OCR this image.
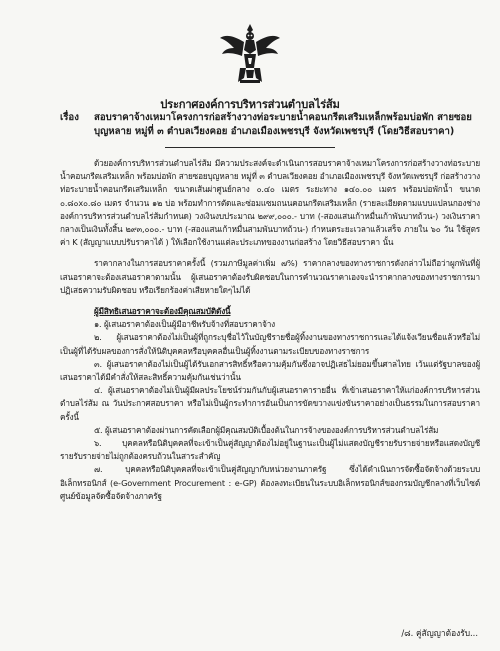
ประกาศองค์การบริหารส่วนตำบลไร่ส้ม
เรื่อง	สอบราคาจ้างเหมาโครงการก่อสร้างวางท่อระบายน้ำคอนกรีตเสริมเหล็กพร้อมบ่อพัก สายซอยบุญหลาย หมู่ที่ ๓ ตำบลเวียงคอย อำเภอเมืองเพชรบุรี จังหวัดเพชรบุรี (โดยวิธีสอบราคา)

ด้วยองค์การบริหารส่วนตำบลไร่ส้ม มีความประสงค์จะดำเนินการสอบราคาจ้างเหมาโครงการก่อสร้างวางท่อระบายน้ำคอนกรีตเสริมเหล็ก พร้อมบ่อพัก สายซอยบุญหลาย หมู่ที่ ๓ ตำบลเวียงคอย อำเภอเมืองเพชรบุรี จังหวัดเพชรบุรี ก่อสร้างวางท่อระบายน้ำคอนกรีตเสริมเหล็ก ขนาดเส้นผ่าศูนย์กลาง ๐.๔๐ เมตร ระยะทาง ๑๔๐.๐๐ เมตร พร้อมบ่อพักน้ำ ขนาด ๐.๘๐x๐.๘๐ เมตร จำนวน ๑๒ บ่อ พร้อมทำการตัดและซ่อมแซมถนนคอนกรีตเสริมเหล็ก (รายละเอียดตามแบบแปลนกองช่าง องค์การบริหารส่วนตำบลไร่ส้มกำหนด) วงเงินงบประมาณ ๒๙๙,๐๐๐.- บาท (-สองแสนเก้าหมื่นเก้าพันบาทถ้วน-) วงเงินราคากลางเป็นเงินทั้งสิ้น ๒๙๓,๐๐๐.- บาท (-สองแสนเก้าหมื่นสามพันบาทถ้วน-) กำหนดระยะเวลาแล้วเสร็จ ภายใน ๖๐ วัน ใช้สูตรค่า K (สัญญาแบบปรับราคาได้ ) ให้เลือกใช้งานแต่ละประเภทของงานก่อสร้าง โดยวิธีสอบราคา นั้น

ราคากลางในการสอบราคาครั้งนี้ (รวมภาษีมูลค่าเพิ่ม ๗%) ราคากลางของทางราชการดังกล่าวไม่ถือว่าผูกพันที่ผู้เสนอราคาจะต้องเสนอราคาตามนั้น ผู้เสนอราคาต้องรับผิดชอบในการคำนวณราคาเองจะนำราคากลางของทางราชการมาปฏิเสธความรับผิดชอบ หรือเรียกร้องค่าเสียหายใดๆไม่ได้

ผู้มีสิทธิเสนอราคาจะต้องมีคุณสมบัติดังนี้

๑. ผู้เสนอราคาต้องเป็นผู้มีอาชีพรับจ้างที่สอบราคาจ้าง

๒. ผู้เสนอราคาต้องไม่เป็นผู้ที่ถูกระบุชื่อไว้ในบัญชีรายชื่อผู้ทิ้งงานของทางราชการและได้แจ้งเวียนชื่อแล้วหรือไม่เป็นผู้ที่ได้รับผลของการสั่งให้นิติบุคคลหรือบุคคลอื่นเป็นผู้ทิ้งงานตามระเบียบของทางราชการ

๓. ผู้เสนอราคาต้องไม่เป็นผู้ได้รับเอกสารสิทธิ์หรือความคุ้มกันซึ่งอาจปฏิเสธไม่ยอมขึ้นศาลไทย เว้นแต่รัฐบาลของผู้เสนอราคาได้มีคำสั่งให้สละสิทธิ์ความคุ้มกันเช่นว่านั้น

๔. ผู้เสนอราคาต้องไม่เป็นผู้มีผลประโยชน์ร่วมกันกับผู้เสนอราคารายอื่น ที่เข้าเสนอราคาให้แก่องค์การบริหารส่วนตำบลไร่ส้ม ณ วันประกาศสอบราคา หรือไม่เป็นผู้กระทำการอันเป็นการขัดขวางแข่งขันราคาอย่างเป็นธรรมในการสอบราคาครั้งนี้

๕. ผู้เสนอราคาต้องผ่านการคัดเลือกผู้มีคุณสมบัติเบื้องต้นในการจ้างขององค์การบริหารส่วนตำบลไร่ส้ม

๖. บุคคลหรือนิติบุคคลที่จะเข้าเป็นคู่สัญญาต้องไม่อยู่ในฐานะเป็นผู้ไม่แสดงบัญชีรายรับรายจ่ายหรือแสดงบัญชีรายรับรายจ่ายไม่ถูกต้องครบถ้วนในสาระสำคัญ

๗. บุคคลหรือนิติบุคคลที่จะเข้าเป็นคู่สัญญากับหน่วยงานภาครัฐ ซึ่งได้ดำเนินการจัดซื้อจัดจ้างด้วยระบบอิเล็กทรอนิกส์ (e-Government Procurement : e-GP) ต้องลงทะเบียนในระบบอิเล็กทรอนิกส์ของกรมบัญชีกลางที่เว็บไซต์ศูนย์ข้อมูลจัดซื้อจัดจ้างภาครัฐ

/๘. คู่สัญญาต้องรับ...
